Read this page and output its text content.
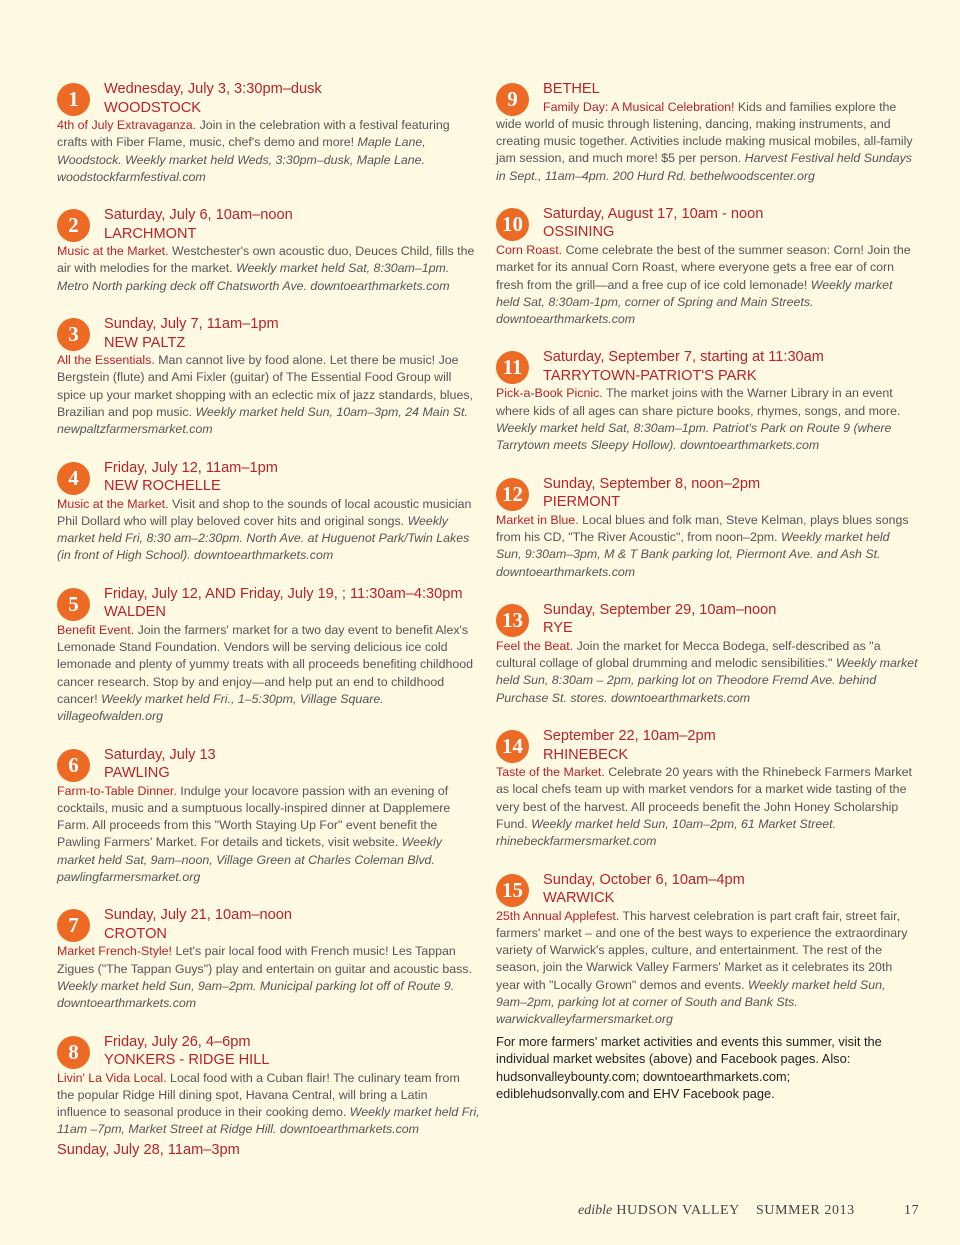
1	Wednesday, July 3, 3:30pm–dusk
WOODSTOCK

4th of July Extravaganza. Join in the celebration with a festival featuring crafts with Fiber Flame, music, chef's demo and more! Maple Lane, Woodstock. Weekly market held Weds, 3:30pm–dusk, Maple Lane. woodstockfarmfestival.com

2	Saturday, July 6, 10am–noon
LARCHMONT

Music at the Market. Westchester's own acoustic duo, Deuces Child, fills the air with melodies for the market. Weekly market held Sat, 8:30am–1pm. Metro North parking deck off Chatsworth Ave. downtoearthmarkets.com

3	Sunday, July 7, 11am–1pm
NEW PALTZ

All the Essentials. Man cannot live by food alone. Let there be music! Joe Bergstein (flute) and Ami Fixler (guitar) of The Essential Food Group will spice up your market shopping with an eclectic mix of jazz standards, blues, Brazilian and pop music. Weekly market held Sun, 10am–3pm, 24 Main St. newpaltzfarmersmarket.com

4	Friday, July 12, 11am–1pm
NEW ROCHELLE

Music at the Market. Visit and shop to the sounds of local acoustic musician Phil Dollard who will play beloved cover hits and original songs. Weekly market held Fri, 8:30 am–2:30pm. North Ave. at Huguenot Park/Twin Lakes (in front of High School). downtoearthmarkets.com

5	Friday, July 12, AND Friday, July 19, ; 11:30am–4:30pm
WALDEN

Benefit Event. Join the farmers' market for a two day event to benefit Alex's Lemonade Stand Foundation. Vendors will be serving delicious ice cold lemonade and plenty of yummy treats with all proceeds benefiting childhood cancer research. Stop by and enjoy—and help put an end to childhood cancer! Weekly market held Fri., 1–5:30pm, Village Square. villageofwalden.org

6	Saturday, July 13
PAWLING

Farm-to-Table Dinner. Indulge your locavore passion with an evening of cocktails, music and a sumptuous locally-inspired dinner at Dapplemere Farm. All proceeds from this "Worth Staying Up For" event benefit the Pawling Farmers' Market. For details and tickets, visit website. Weekly market held Sat, 9am–noon, Village Green at Charles Coleman Blvd. pawlingfarmersmarket.org

7	Sunday, July 21, 10am–noon
CROTON

Market French-Style! Let's pair local food with French music! Les Tappan Zigues ("The Tappan Guys") play and entertain on guitar and acoustic bass. Weekly market held Sun, 9am–2pm. Municipal parking lot off of Route 9. downtoearthmarkets.com

8	Friday, July 26, 4–6pm
YONKERS - RIDGE HILL

Livin' La Vida Local. Local food with a Cuban flair! The culinary team from the popular Ridge Hill dining spot, Havana Central, will bring a Latin influence to seasonal produce in their cooking demo. Weekly market held Fri, 11am –7pm, Market Street at Ridge Hill. downtoearthmarkets.com

Sunday, July 28, 11am–3pm
9	BETHEL

Family Day: A Musical Celebration! Kids and families explore the wide world of music through listening, dancing, making instruments, and creating music together. Activities include making musical mobiles, all-family jam session, and much more! $5 per person. Harvest Festival held Sundays in Sept., 11am–4pm. 200 Hurd Rd. bethelwoodscenter.org

10	Saturday, August 17, 10am - noon
OSSINING

Corn Roast. Come celebrate the best of the summer season: Corn! Join the market for its annual Corn Roast, where everyone gets a free ear of corn fresh from the grill—and a free cup of ice cold lemonade! Weekly market held Sat, 8:30am-1pm, corner of Spring and Main Streets. downtoearthmarkets.com

11	Saturday, September 7, starting at 11:30am
TARRYTOWN-PATRIOT'S PARK

Pick-a-Book Picnic. The market joins with the Warner Library in an event where kids of all ages can share picture books, rhymes, songs, and more. Weekly market held Sat, 8:30am–1pm. Patriot's Park on Route 9 (where Tarrytown meets Sleepy Hollow). downtoearthmarkets.com

12	Sunday, September 8, noon–2pm
PIERMONT

Market in Blue. Local blues and folk man, Steve Kelman, plays blues songs from his CD, "The River Acoustic", from noon–2pm. Weekly market held Sun, 9:30am–3pm, M & T Bank parking lot, Piermont Ave. and Ash St. downtoearthmarkets.com

13	Sunday, September 29, 10am–noon
RYE

Feel the Beat. Join the market for Mecca Bodega, self-described as "a cultural collage of global drumming and melodic sensibilities." Weekly market held Sun, 8:30am – 2pm, parking lot on Theodore Fremd Ave. behind Purchase St. stores. downtoearthmarkets.com

14	September 22, 10am–2pm
RHINEBECK

Taste of the Market. Celebrate 20 years with the Rhinebeck Farmers Market as local chefs team up with market vendors for a market wide tasting of the very best of the harvest. All proceeds benefit the John Honey Scholarship Fund. Weekly market held Sun, 10am–2pm, 61 Market Street. rhinebeckfarmersmarket.com

15	Sunday, October 6, 10am–4pm
WARWICK

25th Annual Applefest. This harvest celebration is part craft fair, street fair, farmers' market – and one of the best ways to experience the extraordinary variety of Warwick's apples, culture, and entertainment. The rest of the season, join the Warwick Valley Farmers' Market as it celebrates its 20th year with "Locally Grown" demos and events. Weekly market held Sun, 9am–2pm, parking lot at corner of South and Bank Sts. warwickvalleyfarmersmarket.org

For more farmers' market activities and events this summer, visit the individual market websites (above) and Facebook pages. Also: hudsonvalleybounty.com; downtoearthmarkets.com; ediblehudsonvally.com and EHV Facebook page.
edible HUDSON VALLEY SUMMER 2013	17
